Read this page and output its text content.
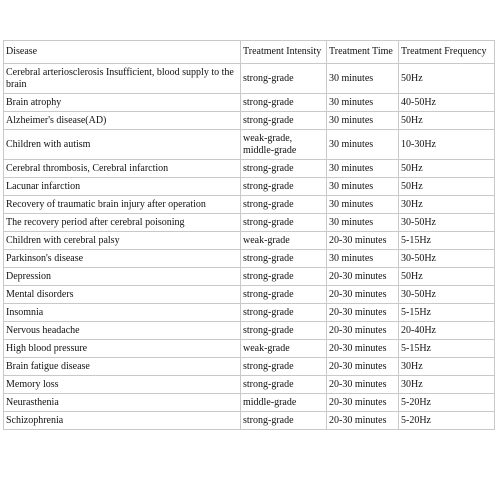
Disease	Treatment Intensity	Treatment Time	Treatment Frequency
Cerebral arteriosclerosis Insufficient, blood supply to the brain	strong-grade	30 minutes	50Hz
Brain atrophy	strong-grade	30 minutes	40-50Hz
Alzheimer's disease(AD)	strong-grade	30 minutes	50Hz
Children with autism	weak-grade, middle-grade	30 minutes	10-30Hz
Cerebral thrombosis, Cerebral infarction	strong-grade	30 minutes	50Hz
Lacunar infarction	strong-grade	30 minutes	50Hz
Recovery of traumatic brain injury after operation	strong-grade	30 minutes	30Hz
The recovery period after cerebral poisoning	strong-grade	30 minutes	30-50Hz
Children with cerebral palsy	weak-grade	20-30 minutes	5-15Hz
Parkinson's disease	strong-grade	30 minutes	30-50Hz
Depression	strong-grade	20-30 minutes	50Hz
Mental disorders	strong-grade	20-30 minutes	30-50Hz
Insomnia	strong-grade	20-30 minutes	5-15Hz
Nervous headache	strong-grade	20-30 minutes	20-40Hz
High blood pressure	weak-grade	20-30 minutes	5-15Hz
Brain fatigue disease	strong-grade	20-30 minutes	30Hz
Memory loss	strong-grade	20-30 minutes	30Hz
Neurasthenia	middle-grade	20-30 minutes	5-20Hz
Schizophrenia	strong-grade	20-30 minutes	5-20Hz
